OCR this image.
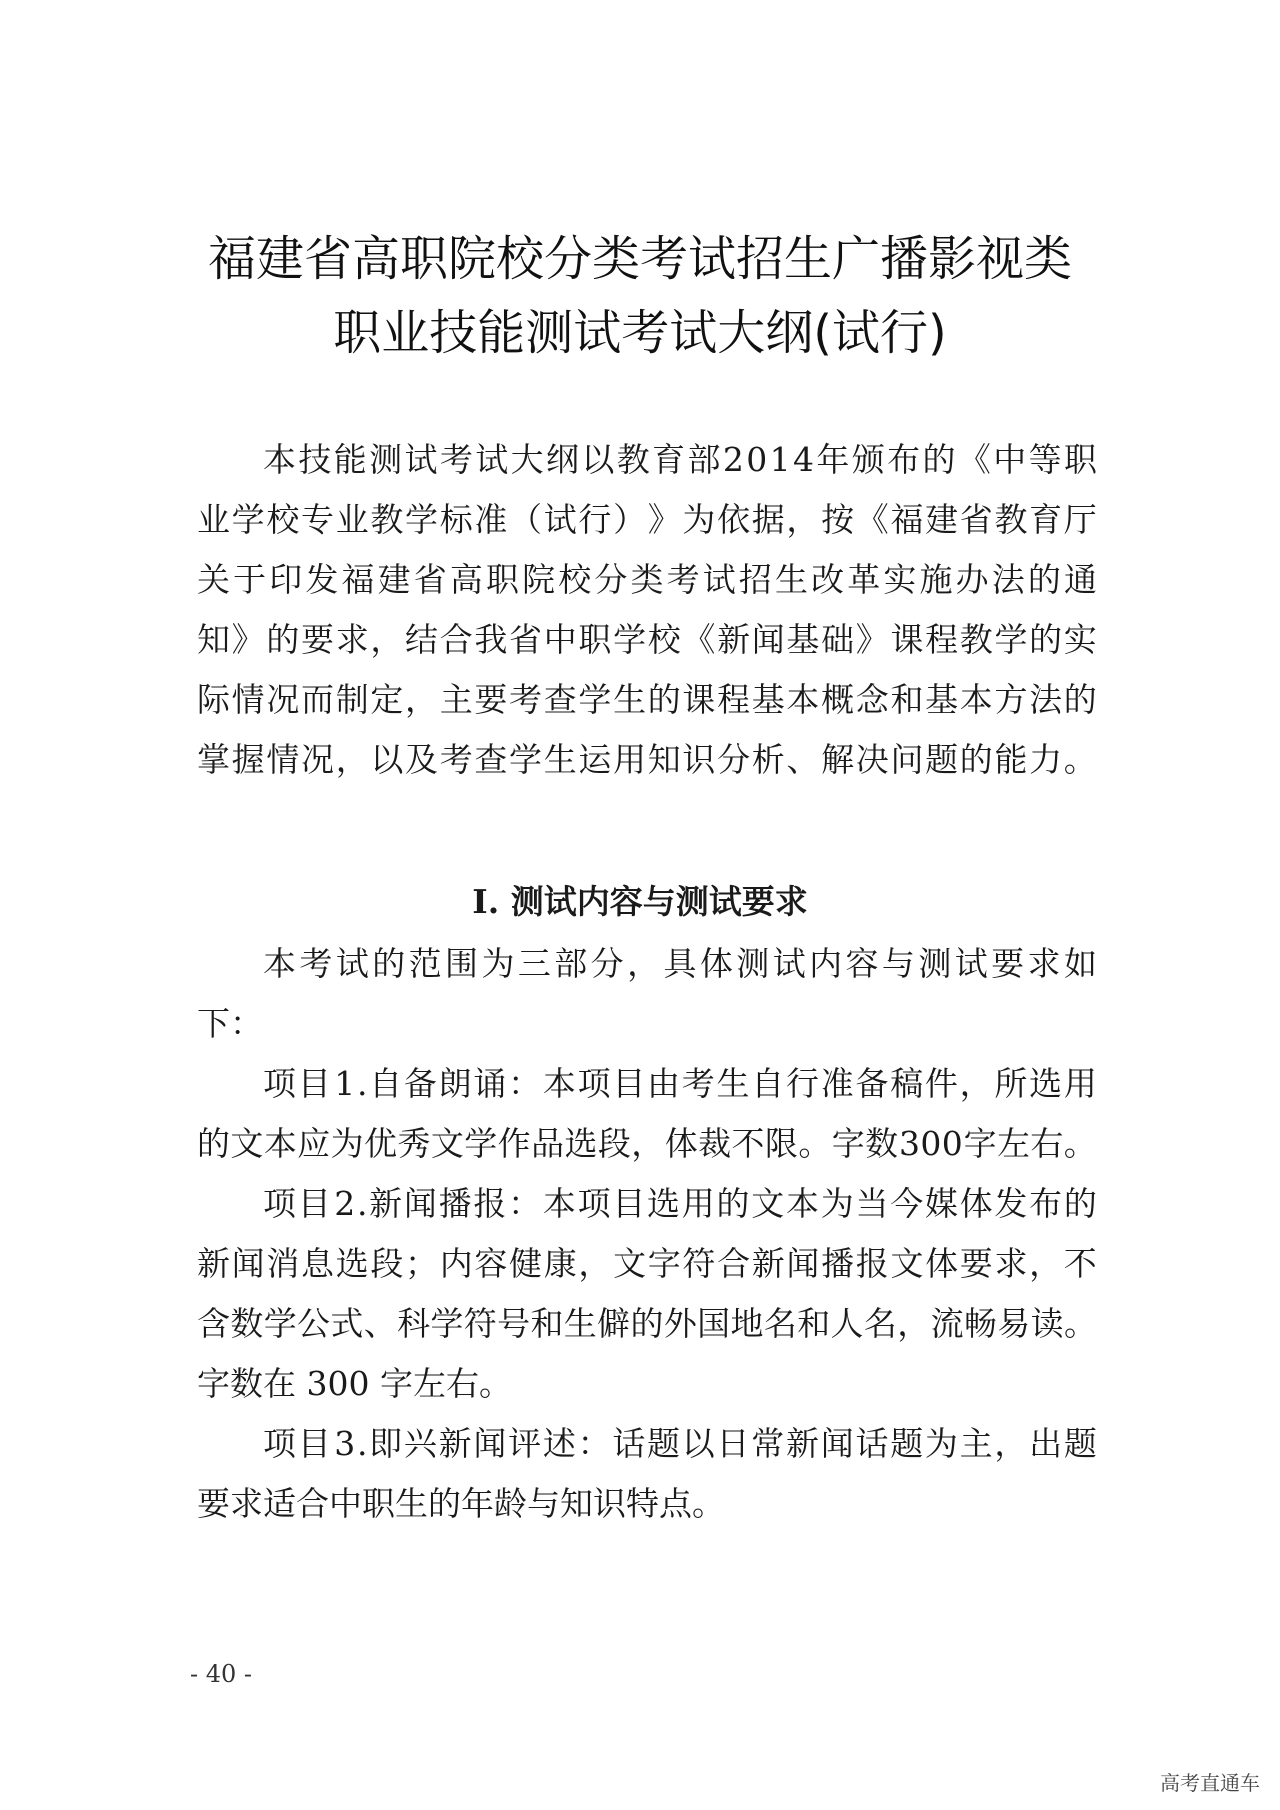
福建省高职院校分类考试招生广播影视类
职业技能测试考试大纲(试行)
本 技 能 测 试 考 试 大 纲 以 教 育 部 2 0 1 4 年 颁 布 的 《 中 等 职
业 学 校 专 业 教 学 标 准 （ 试 行 ） 》 为 依 据 ， 按 《 福 建 省 教 育 厅
关 于 印 发 福 建 省 高 职 院 校 分 类 考 试 招 生 改 革 实 施 办 法 的 通
知 》 的 要 求 ， 结 合 我 省 中 职 学 校 《 新 闻 基 础 》 课 程 教 学 的 实
际 情 况 而 制 定 ， 主 要 考 查 学 生 的 课 程 基 本 概 念 和 基 本 方 法 的
掌 握 情 况 ， 以 及 考 查 学 生 运 用 知 识 分 析 、 解 决 问 题 的 能 力 。
I. 测试内容与测试要求
本 考 试 的 范 围 为 三 部 分 ， 具 体 测 试 内 容 与 测 试 要 求 如
下：
项 目 1 . 自 备 朗 诵 ： 本 项 目 由 考 生 自 行 准 备 稿 件 ， 所 选 用
的 文 本 应 为 优 秀 文 学 作 品 选 段 ， 体 裁 不 限 。 字 数 3 0 0 字 左 右 。
项 目 2 . 新 闻 播 报 ： 本 项 目 选 用 的 文 本 为 当 今 媒 体 发 布 的
新 闻 消 息 选 段 ； 内 容 健 康 ， 文 字 符 合 新 闻 播 报 文 体 要 求 ， 不
含 数 学 公 式 、 科 学 符 号 和 生 僻 的 外 国 地 名 和 人 名 ， 流 畅 易 读 。
字数在 300 字左右。
项 目 3 . 即 兴 新 闻 评 述 ： 话 题 以 日 常 新 闻 话 题 为 主 ， 出 题
要求适合中职生的年龄与知识特点。
- 40 -
高考直通车
